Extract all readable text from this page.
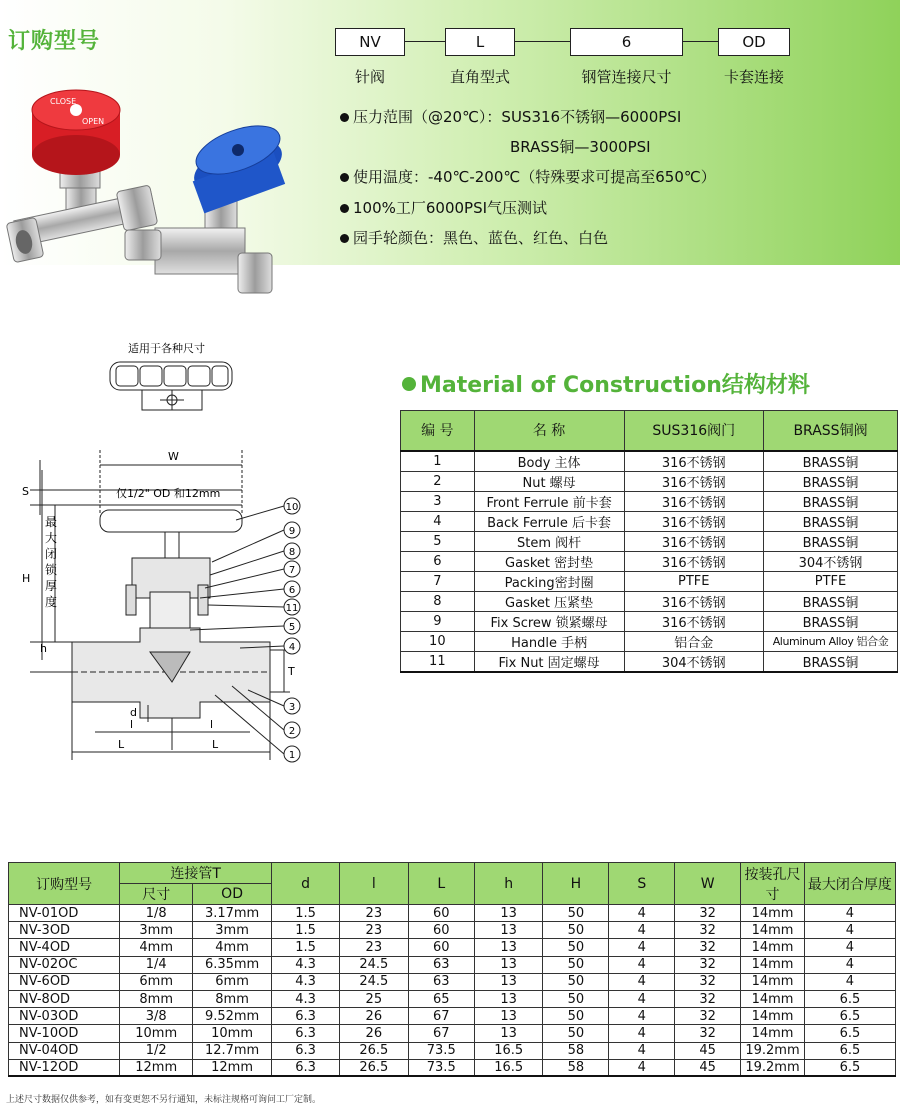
订购型号	NV	L	6	OD
针阀	直角型式	钢管连接尺寸	卡套连接
压力范围（@20℃）：SUS316不锈钢—6000PSI
BRASS铜—3000PSI
使用温度：-40℃-200℃（特殊要求可提高至650℃）
100%工厂6000PSI气压测试
园手轮颜色：黑色、蓝色、红色、白色
CLOSE
OPEN
适用于各种尺寸
W
S	仅1/2" OD 和12mm
H
h
T
d
l	l
L	L
最
大
闭
锁
厚
度
10
9
8
7
6
11
5
4
3
2
1
Material of Construction结构材料
编 号	名 称	SUS316阀门	BRASS铜阀
1	Body 主体	316不锈钢	BRASS铜
2	Nut 螺母	316不锈钢	BRASS铜
3	Front Ferrule 前卡套	316不锈钢	BRASS铜
4	Back Ferrule 后卡套	316不锈钢	BRASS铜
5	Stem 阀杆	316不锈钢	BRASS铜
6	Gasket 密封垫	316不锈钢	304不锈钢
7	Packing密封圈	PTFE	PTFE
8	Gasket 压紧垫	316不锈钢	BRASS铜
9	Fix Screw 锁紧螺母	316不锈钢	BRASS铜
10	Handle 手柄	铝合金	Aluminum Alloy 铝合金
11	Fix Nut 固定螺母	304不锈钢	BRASS铜
订购型号	连接管T		d	l	L	h	H	S	W	按装孔尺寸	最大闭合厚度
	尺寸	OD									
NV-01OD	1/8	3.17mm	1.5	23	60	13	50	4	32	14mm	4
NV-3OD	3mm	3mm	1.5	23	60	13	50	4	32	14mm	4
NV-4OD	4mm	4mm	1.5	23	60	13	50	4	32	14mm	4
NV-02OC	1/4	6.35mm	4.3	24.5	63	13	50	4	32	14mm	4
NV-6OD	6mm	6mm	4.3	24.5	63	13	50	4	32	14mm	4
NV-8OD	8mm	8mm	4.3	25	65	13	50	4	32	14mm	6.5
NV-03OD	3/8	9.52mm	6.3	26	67	13	50	4	32	14mm	6.5
NV-10OD	10mm	10mm	6.3	26	67	13	50	4	32	14mm	6.5
NV-04OD	1/2	12.7mm	6.3	26.5	73.5	16.5	58	4	45	19.2mm	6.5
NV-12OD	12mm	12mm	6.3	26.5	73.5	16.5	58	4	45	19.2mm	6.5
上述尺寸数据仅供参考，如有变更恕不另行通知，未标注规格可询问工厂定制。
